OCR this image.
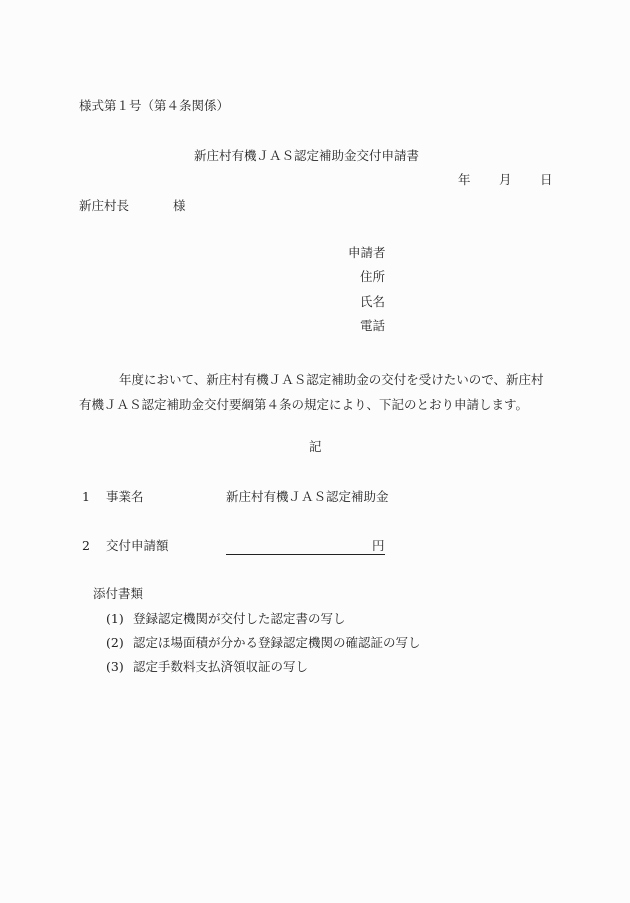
様式第１号（第４条関係）
新庄村有機ＪＡＳ認定補助金交付申請書
年 月 日
新庄村長	様
申請者
住所
氏名
電話

年度において、新庄村有機ＪＡＳ認定補助金の交付を受けたいので、新庄村有機ＪＡＳ認定補助金交付要綱第４条の規定により、下記のとおり申請します。

記
1 事業名	新庄村有機ＪＡＳ認定補助金
2 交付申請額	円
添付書類
(1) 登録認定機関が交付した認定書の写し
(2) 認定ほ場面積が分かる登録認定機関の確認証の写し
(3) 認定手数料支払済領収証の写し
